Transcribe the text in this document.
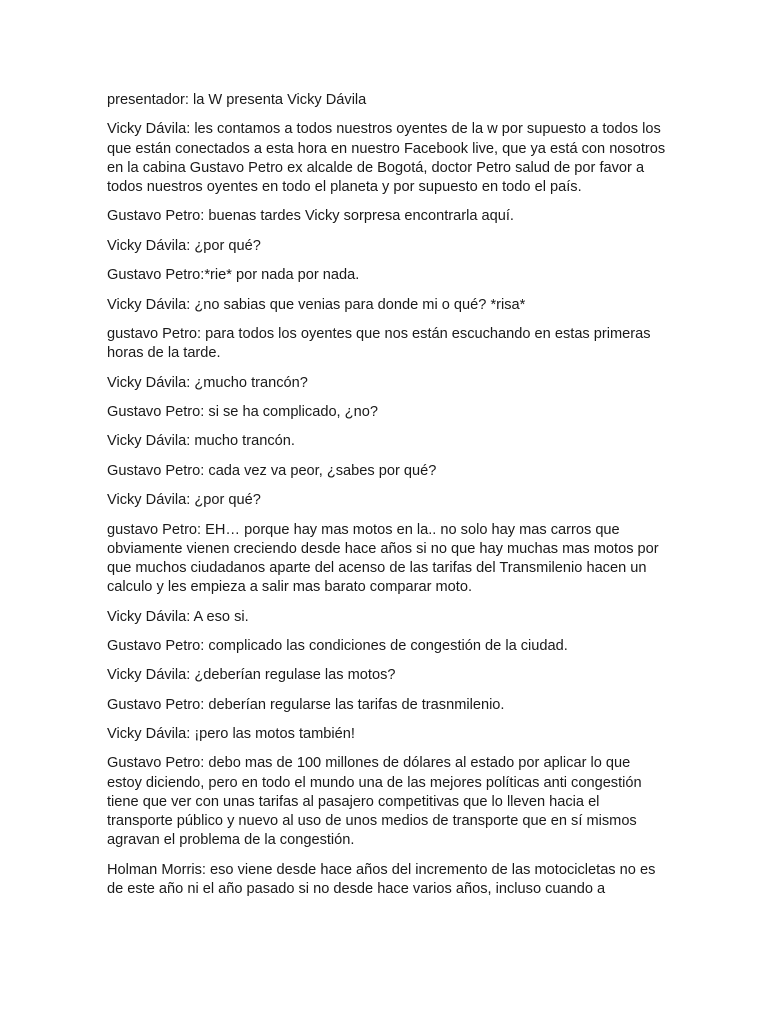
presentador: la W presenta Vicky Dávila

Vicky Dávila: les contamos a todos nuestros oyentes de la w por supuesto a todos los que están conectados a esta hora en nuestro Facebook live, que ya está con nosotros en la cabina Gustavo Petro ex alcalde de Bogotá, doctor Petro salud de por favor a todos nuestros oyentes en todo el planeta y por supuesto en todo el país.

Gustavo Petro: buenas tardes Vicky sorpresa encontrarla aquí.

Vicky Dávila: ¿por qué?

Gustavo Petro:*rie* por nada por nada.

Vicky Dávila: ¿no sabias que venias para donde mi o qué? *risa*

gustavo Petro: para todos los oyentes que nos están escuchando en estas primeras horas de la tarde.

Vicky Dávila: ¿mucho trancón?

Gustavo Petro: si se ha complicado, ¿no?

Vicky Dávila: mucho trancón.

Gustavo Petro: cada vez va peor, ¿sabes por qué?

Vicky Dávila: ¿por qué?

gustavo Petro: EH… porque hay mas motos en la.. no solo hay mas carros que obviamente vienen creciendo desde hace años si no que hay muchas mas motos por que muchos ciudadanos aparte del acenso de las tarifas del Transmilenio hacen un calculo y les empieza a salir mas barato comparar moto.

Vicky Dávila: A eso si.

Gustavo Petro: complicado las condiciones de congestión de la ciudad.

Vicky Dávila: ¿deberían regulase las motos?

Gustavo Petro: deberían regularse las tarifas de trasnmilenio.

Vicky Dávila: ¡pero las motos también!

Gustavo Petro: debo mas de 100 millones de dólares al estado por aplicar lo que estoy diciendo, pero en todo el mundo una de las mejores políticas anti congestión tiene que ver con unas tarifas al pasajero competitivas que lo lleven hacia el transporte público y nuevo al uso de unos medios de transporte que en sí mismos agravan el problema de la congestión.

Holman Morris: eso viene desde hace años del incremento de las motocicletas no es de este año ni el año pasado si no desde hace varios años, incluso cuando a
